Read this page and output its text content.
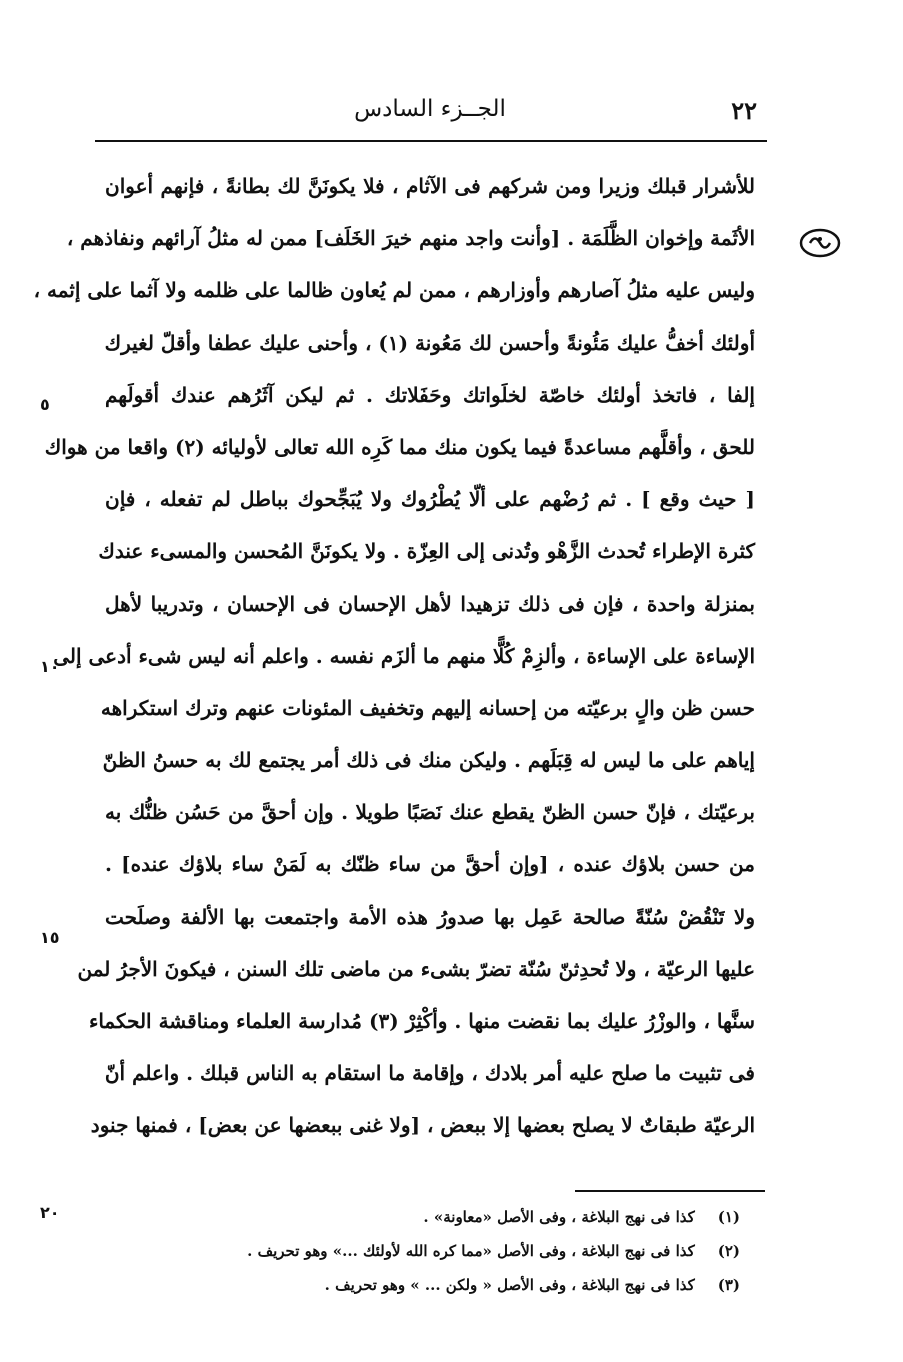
٢٢
الجــزء السادس
للأشرار قبلك وزيرا ومن شركهم فى الآثام ، فلا يكونَنَّ لك بطانةً ، فإنهم أعوان
الأثَمة وإخوان الظَّلَمَة . [وأنت واجد منهم خيرَ الخَلَف] ممن له مثلُ آرائهم ونفاذهم ،
وليس عليه مثلُ آصارهم وأوزارهم ، ممن لم يُعاون ظالما على ظلمه ولا آثما على إثمه ،
أولئك أخفُّ عليك مَئُونةً وأحسن لك مَعُونة (١) ، وأحنى عليك عطفا وأقلّ لغيرك
إلفا ، فاتخذ أولئك خاصّة لخلَواتك وحَفَلاتك . ثم ليكن آثَرُهم عندك أقولَهم
للحق ، وأقلَّهم مساعدةً فيما يكون منك مما كَرِه الله تعالى لأوليائه (٢) واقعا من هواك
[ حيث وقع ] . ثم رُضْهم على ألّا يُطْرُوك ولا يُبَجِّحوك بباطل لم تفعله ، فإن
كثرة الإطراء تُحدث الزَّهْو وتُدنى إلى العِزّة . ولا يكونَنَّ المُحسن والمسىء عندك
بمنزلة واحدة ، فإن فى ذلك تزهيدا لأهل الإحسان فى الإحسان ، وتدريبا لأهل
الإساءة على الإساءة ، وألزِمْ كُلًّا منهم ما ألزَم نفسه . واعلم أنه ليس شىء أدعى إلى
حسن ظن والٍ برعيّته من إحسانه إليهم وتخفيف المئونات عنهم وترك استكراهه
إياهم على ما ليس له قِبَلَهم . وليكن منك فى ذلك أمر يجتمع لك به حسنُ الظنّ
برعيّتك ، فإنّ حسن الظنّ يقطع عنك نَصَبًا طويلا . وإن أحقَّ من حَسُن ظنُّك به
من حسن بلاؤك عنده ، [وإن أحقَّ من ساء ظنّك به لَمَنْ ساء بلاؤك عنده] .
ولا تَنْقُضْ سُنّةً صالحة عَمِل بها صدورُ هذه الأمة واجتمعت بها الألفة وصلَحت
عليها الرعيّة ، ولا تُحدِثنّ سُنّة تضرّ بشىء من ماضى تلك السنن ، فيكونَ الأجرُ لمن
سنَّها ، والوزْرُ عليك بما نقضت منها . وأكْثِرْ (٣) مُدارسة العلماء ومناقشة الحكماء
فى تثبيت ما صلح عليه أمر بلادك ، وإقامة ما استقام به الناس قبلك . واعلم أنّ
الرعيّة طبقاتٌ لا يصلح بعضها إلا ببعض ، [ولا غنى ببعضها عن بعض] ، فمنها جنود
٥
١٠
١٥
٢٠	(١) كذا فى نهج البلاغة ، وفى الأصل «معاونة» .
(٢) كذا فى نهج البلاغة ، وفى الأصل «مما كره الله لأولئك ...» وهو تحريف .
(٣) كذا فى نهج البلاغة ، وفى الأصل « ولكن ... » وهو تحريف .
